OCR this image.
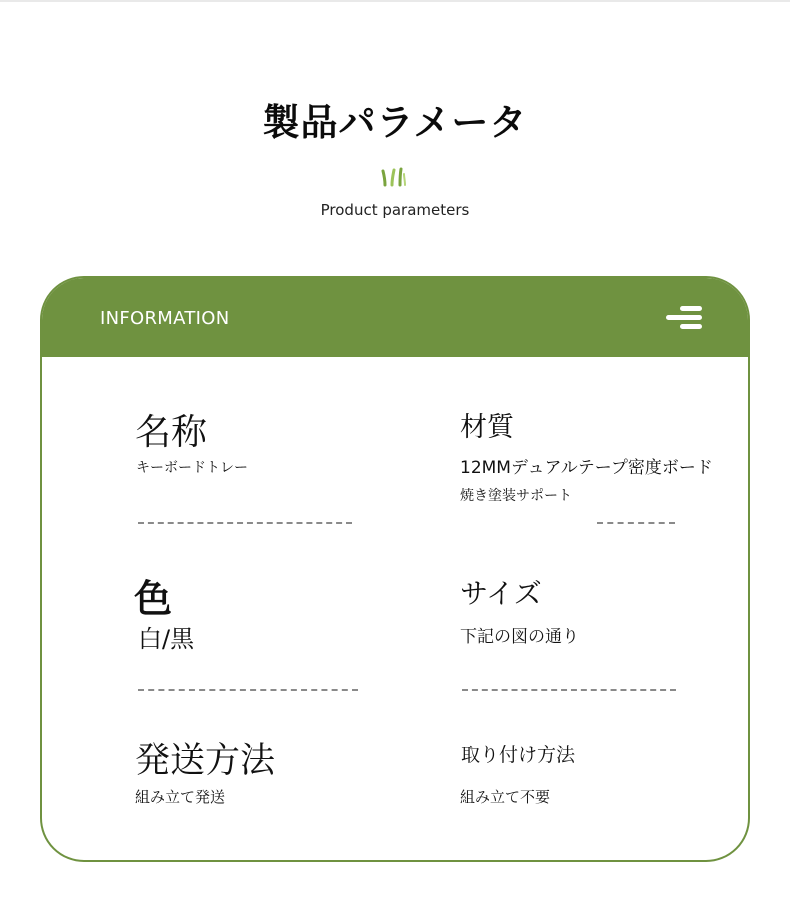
製品パラメータ
Product parameters
INFORMATION
名称
キーボードトレー
材質
12MMデュアルテープ密度ボード
焼き塗装サポート
色
白/黒
サイズ
下記の図の通り
発送方法
組み立て発送
取り付け方法
組み立て不要
